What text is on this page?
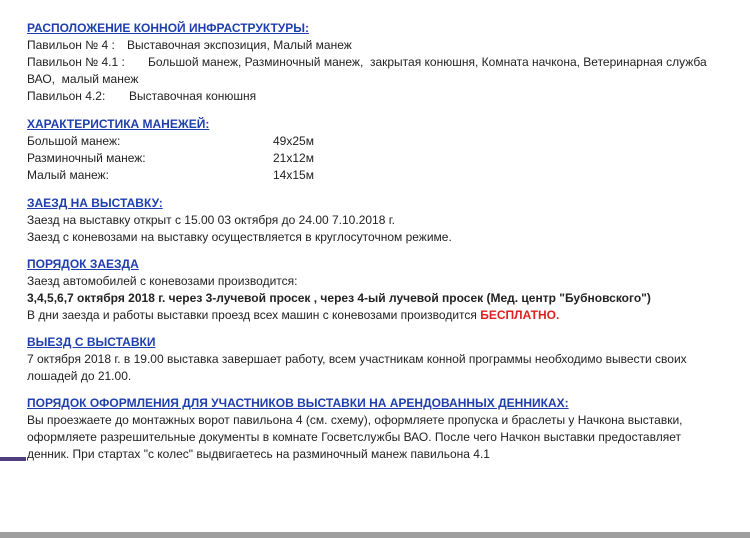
РАСПОЛОЖЕНИЕ КОННОЙ ИНФРАСТРУКТУРЫ:
Павильон № 4 : Выставочная экспозиция, Малый манеж
Павильон № 4.1 : Большой манеж, Разминочный манеж,  закрытая конюшня, Комната начкона, Ветеринарная служба
ВАО,  малый манеж
Павильон 4.2: Выставочная конюшня
ХАРАКТЕРИСТИКА МАНЕЖЕЙ:
Большой манеж:	49х25м
Разминочный манеж:	21х12м
Малый манеж:	14х15м
ЗАЕЗД НА ВЫСТАВКУ:
Заезд на выставку открыт с 15.00 03 октября до 24.00 7.10.2018 г.
Заезд с коневозами на выставку осуществляется в круглосуточном режиме.
ПОРЯДОК ЗАЕЗДА
Заезд автомобилей с коневозами производится:
3,4,5,6,7 октября 2018 г. через 3-лучевой просек , через 4-ый лучевой просек (Мед. центр "Бубновского")
В дни заезда и работы выставки проезд всех машин с коневозами производится БЕСПЛАТНО.
ВЫЕЗД С ВЫСТАВКИ
7 октября 2018 г. в 19.00 выставка завершает работу, всем участникам конной программы необходимо вывести своих
лошадей до 21.00.
ПОРЯДОК ОФОРМЛЕНИЯ ДЛЯ УЧАСТНИКОВ ВЫСТАВКИ НА АРЕНДОВАННЫХ ДЕННИКАХ:
Вы проезжаете до монтажных ворот павильона 4 (см. схему), оформляете пропуска и браслеты у Начкона выставки,
оформляете разрешительные документы в комнате Госветслужбы ВАО. После чего Начкон выставки предоставляет
денник. При стартах "с колес" выдвигаетесь на разминочный манеж павильона 4.1
